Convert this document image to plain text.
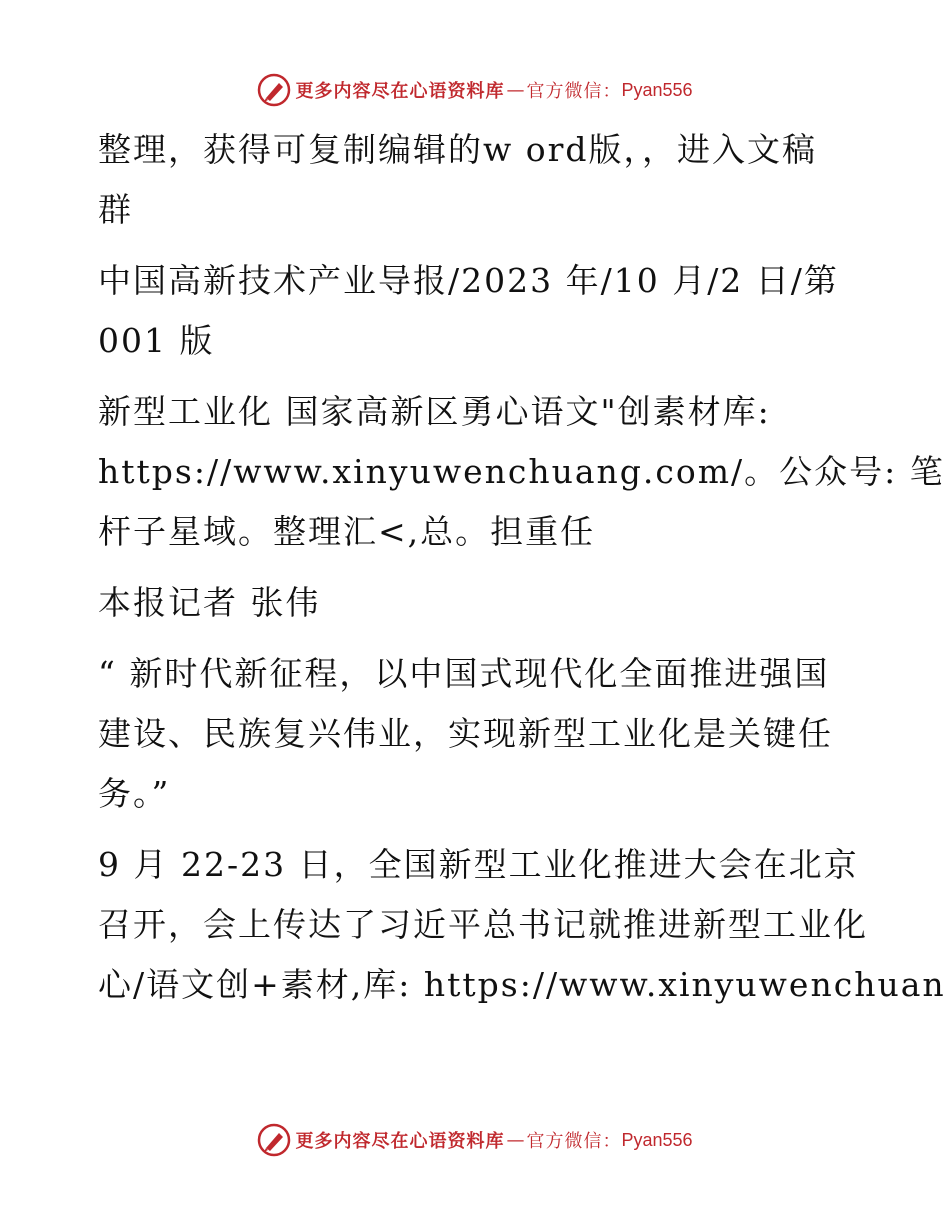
更多内容尽在心语资料库 — 官方微信： Pyan556
整理，获得可复制编辑的w ord版，，进入文稿
群
中国高新技术产业导报/2023 年/10 月/2 日/第
001 版
新型工业化 国家高新区勇心语文"创素材库:
https://www.xinyuwenchuang.com/。公众号: 笔
杆子星域。整理汇<,总。担重任
本报记者 张伟
“ 新时代新征程，以中国式现代化全面推进强国
建设、民族复兴伟业，实现新型工业化是关键任
务。”
9 月 22-23 日，全国新型工业化推进大会在北京
召开，会上传达了习近平总书记就推进新型工业化
心/语文创+素材,库: https://www.xinyuwenchuan
更多内容尽在心语资料库 — 官方微信： Pyan556
